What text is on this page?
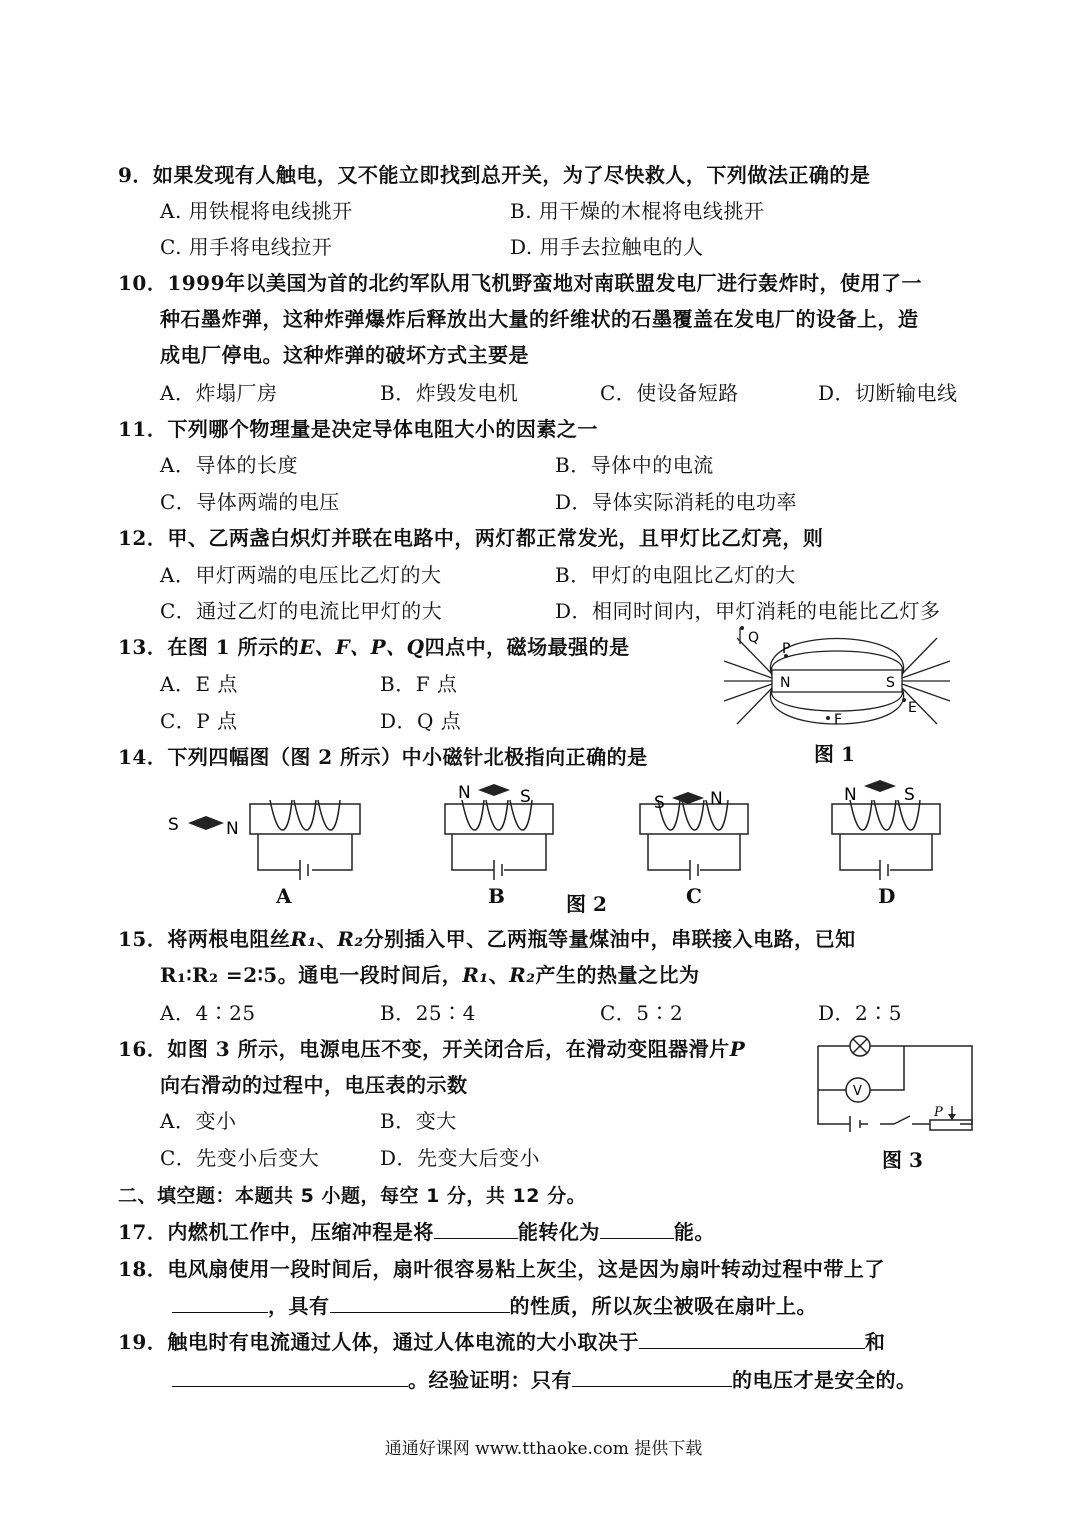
9．如果发现有人触电，又不能立即找到总开关，为了尽快救人，下列做法正确的是
A. 用铁棍将电线挑开	B. 用干燥的木棍将电线挑开
C. 用手将电线拉开	D. 用手去拉触电的人
10．1999年以美国为首的北约军队用飞机野蛮地对南联盟发电厂进行轰炸时，使用了一
种石墨炸弹，这种炸弹爆炸后释放出大量的纤维状的石墨覆盖在发电厂的设备上，造
成电厂停电。这种炸弹的破坏方式主要是
A．炸塌厂房	B．炸毁发电机	C．使设备短路	D．切断输电线
11．下列哪个物理量是决定导体电阻大小的因素之一
A．导体的长度	B．导体中的电流
C．导体两端的电压	D．导体实际消耗的电功率
12．甲、乙两盏白炽灯并联在电路中，两灯都正常发光，且甲灯比乙灯亮，则
A．甲灯两端的电压比乙灯的大	B．甲灯的电阻比乙灯的大
C．通过乙灯的电流比甲灯的大	D．相同时间内，甲灯消耗的电能比乙灯多
13．在图 1 所示的E、F、P、Q四点中，磁场最强的是
A．E 点	B．F 点
C．P 点	D．Q 点
Q
P
N	S
E
F
图 1
14．下列四幅图（图 2 所示）中小磁针北极指向正确的是
S	N
N	S	S	N	N	S
A	B	图 2	C	D
15．将两根电阻丝R₁、R₂分别插入甲、乙两瓶等量煤油中，串联接入电路，已知
R₁∶R₂ =2∶5。通电一段时间后，R₁、R₂产生的热量之比为
A．4∶25	B．25∶4	C．5∶2	D．2∶5
16．如图 3 所示，电源电压不变，开关闭合后，在滑动变阻器滑片P
向右滑动的过程中，电压表的示数
A．变小	B．变大
C．先变小后变大	D．先变大后变小
V
P
图 3
二、填空题：本题共 5 小题，每空 1 分，共 12 分。
17．内燃机工作中，压缩冲程是将	能转化为	能。
18．电风扇使用一段时间后，扇叶很容易粘上灰尘，这是因为扇叶转动过程中带上了
，具有	的性质，所以灰尘被吸在扇叶上。
19．触电时有电流通过人体，通过人体电流的大小取决于	和
。经验证明：只有	的电压才是安全的。
通通好课网 www.tthaoke.com 提供下载
